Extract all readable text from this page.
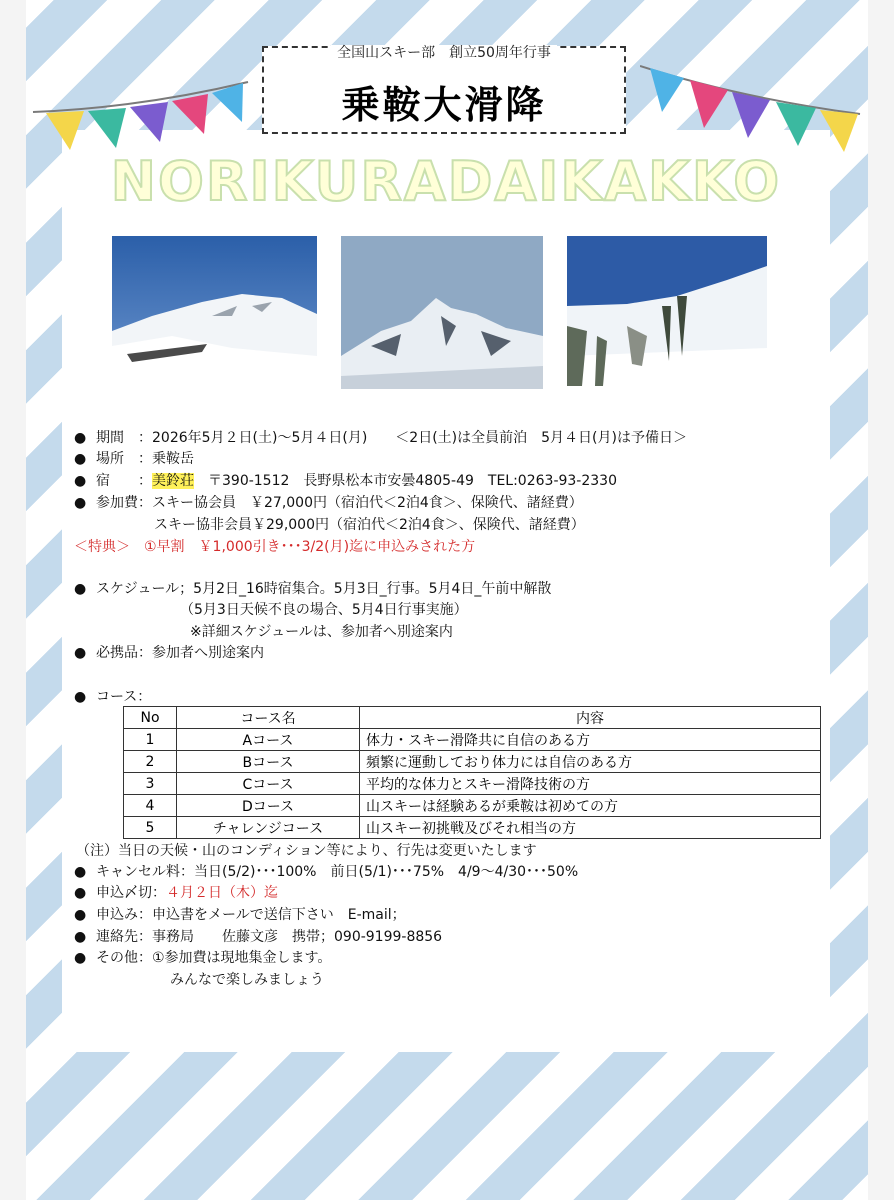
全国山スキー部　創立50周年行事
乗鞍大滑降
NORIKURADAIKAKKO
● 期間　 ：2026年5月２日(土)～5月４日(月)　　＜2日(土)は全員前泊　5月４日(月)は予備日＞
● 場所　 ：乗鞍岳
● 宿　　 ：美鈴荘　 〒390-1512　長野県松本市安曇4805-49　TEL:0263-93-2330
● 参加費：スキー協会員　￥27,000円（宿泊代＜2泊4食＞、保険代、諸経費）
スキー協非会員￥29,000円（宿泊代＜2泊4食＞、保険代、諸経費）
＜特典＞　①早割　￥1,000引き･･･3/2(月)迄に申込みされた方
● スケジュール；5月2日_16時宿集合。5月3日_行事。5月4日_午前中解散
（5月3日天候不良の場合、5月4日行事実施）
※詳細スケジュールは、参加者へ別途案内
● 必携品：参加者へ別途案内
● コース：
No	コース名	内容
1	Aコース	体力・スキー滑降共に自信のある方
2	Bコース	頻繁に運動しており体力には自信のある方
3	Cコース	平均的な体力とスキー滑降技術の方
4	Dコース	山スキーは経験あるが乗鞍は初めての方
5	チャレンジコース	山スキー初挑戦及びそれ相当の方
（注）当日の天候・山のコンディション等により、行先は変更いたします
● キャンセル料：当日(5/2)･･･100%　前日(5/1)･･･75%　4/9～4/30･･･50%
● 申込〆切：４月２日（木）迄
● 申込み：申込書をメールで送信下さい　E-mail；
● 連絡先：事務局　　佐藤文彦　携帯；090-9199-8856
● その他：①参加費は現地集金します。
みんなで楽しみましょう
